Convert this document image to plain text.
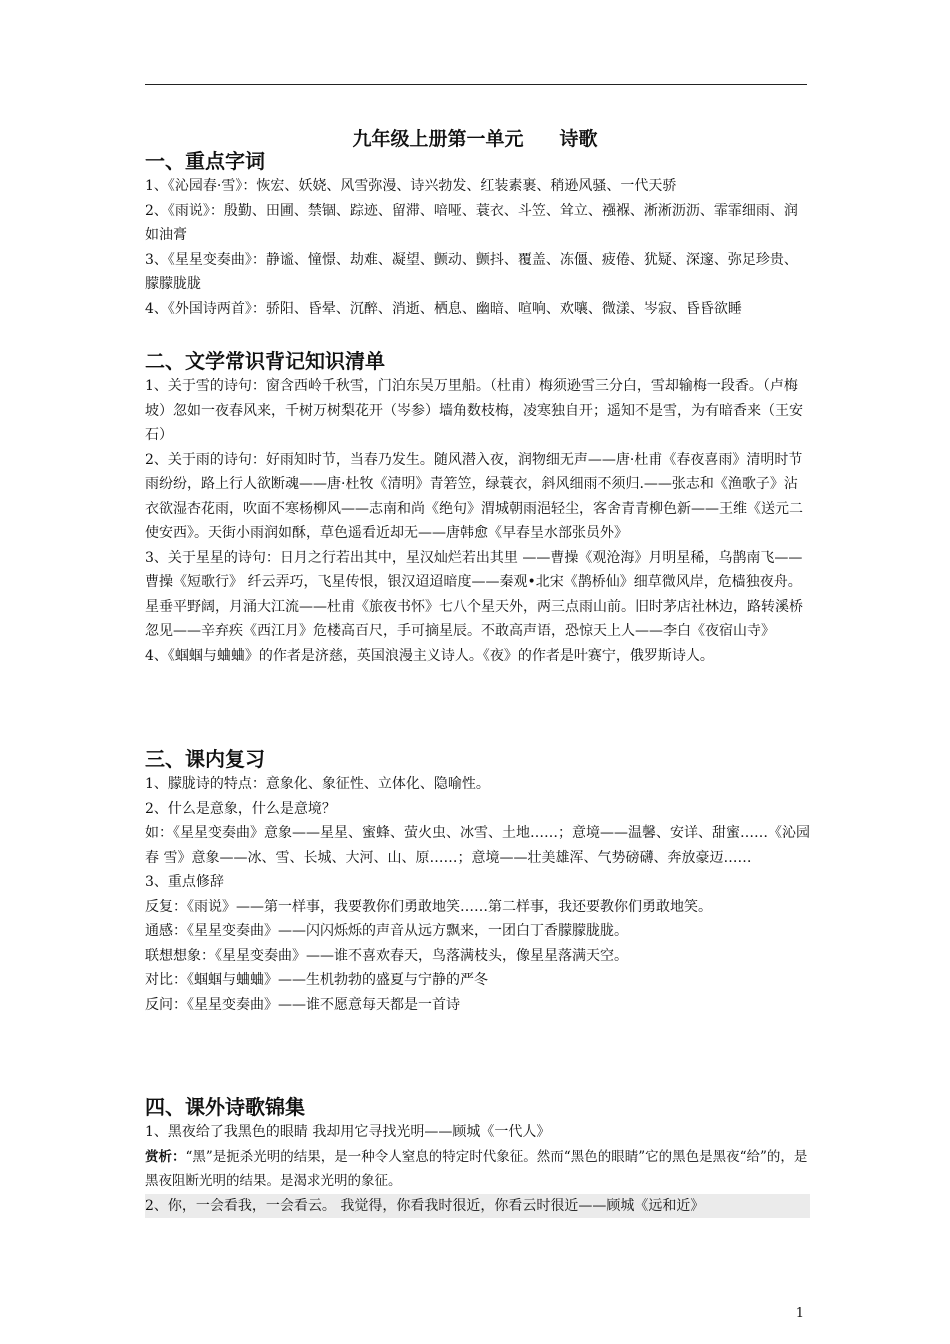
九年级上册第一单元 诗歌
一、重点字词

1、《沁园春·雪》：恢宏、妖娆、风雪弥漫、诗兴勃发、红装素裹、稍逊风骚、一代天骄

2、《雨说》：殷勤、田圃、禁锢、踪迹、留滞、喑哑、蓑衣、斗笠、耸立、襁褓、淅淅沥沥、霏霏细雨、润如油膏

3、《星星变奏曲》：静谧、憧憬、劫难、凝望、颤动、颤抖、覆盖、冻僵、疲倦、犹疑、深邃、弥足珍贵、朦朦胧胧

4、《外国诗两首》：骄阳、昏晕、沉醉、消逝、栖息、幽暗、喧响、欢嚷、微漾、岑寂、昏昏欲睡

二、文学常识背记知识清单

1、关于雪的诗句：窗含西岭千秋雪，门泊东吴万里船。（杜甫）梅须逊雪三分白，雪却输梅一段香。（卢梅坡）忽如一夜春风来，千树万树梨花开（岑参）墙角数枝梅，凌寒独自开；遥知不是雪，为有暗香来（王安石）

2、关于雨的诗句：好雨知时节，当春乃发生。随风潜入夜，润物细无声——唐·杜甫《春夜喜雨》清明时节雨纷纷，路上行人欲断魂——唐·杜牧《清明》青箬笠，绿蓑衣，斜风细雨不须归.——张志和《渔歌子》沾衣欲湿杏花雨，吹面不寒杨柳风——志南和尚《绝句》渭城朝雨浥轻尘，客舍青青柳色新——王维《送元二使安西》。天街小雨润如酥，草色遥看近却无——唐韩愈《早春呈水部张员外》

3、关于星星的诗句：日月之行若出其中，星汉灿烂若出其里 ——曹操《观沧海》月明星稀，乌鹊南飞——曹操《短歌行》 纤云弄巧，飞星传恨，银汉迢迢暗度——秦观•北宋《鹊桥仙》细草微风岸，危樯独夜舟。星垂平野阔，月涌大江流——杜甫《旅夜书怀》七八个星天外，两三点雨山前。旧时茅店社林边，路转溪桥忽见——辛弃疾《西江月》危楼高百尺，手可摘星辰。不敢高声语，恐惊天上人——李白《夜宿山寺》

4、《蝈蝈与蛐蛐》的作者是济慈，英国浪漫主义诗人。《夜》的作者是叶赛宁，俄罗斯诗人。

三、课内复习

1、朦胧诗的特点：意象化、象征性、立体化、隐喻性。

2、什么是意象，什么是意境？

如：《星星变奏曲》意象——星星、蜜蜂、萤火虫、冰雪、土地……；意境——温馨、安详、甜蜜……《沁园春 雪》意象——冰、雪、长城、大河、山、原……；意境——壮美雄浑、气势磅礴、奔放豪迈……

3、重点修辞

反复：《雨说》——第一样事，我要教你们勇敢地笑……第二样事，我还要教你们勇敢地笑。

通感：《星星变奏曲》——闪闪烁烁的声音从远方飘来，一团白丁香朦朦胧胧。

联想想象：《星星变奏曲》——谁不喜欢春天，鸟落满枝头，像星星落满天空。

对比：《蝈蝈与蛐蛐》——生机勃勃的盛夏与宁静的严冬

反问：《星星变奏曲》——谁不愿意每天都是一首诗

四、课外诗歌锦集

1、黑夜给了我黑色的眼睛 我却用它寻找光明——顾城《一代人》

赏析：“黑”是扼杀光明的结果，是一种令人窒息的特定时代象征。然而“黑色的眼睛”它的黑色是黑夜“给”的，是黑夜阻断光明的结果。是渴求光明的象征。

2、你，一会看我，一会看云。 我觉得，你看我时很近，你看云时很近——顾城《远和近》

1
